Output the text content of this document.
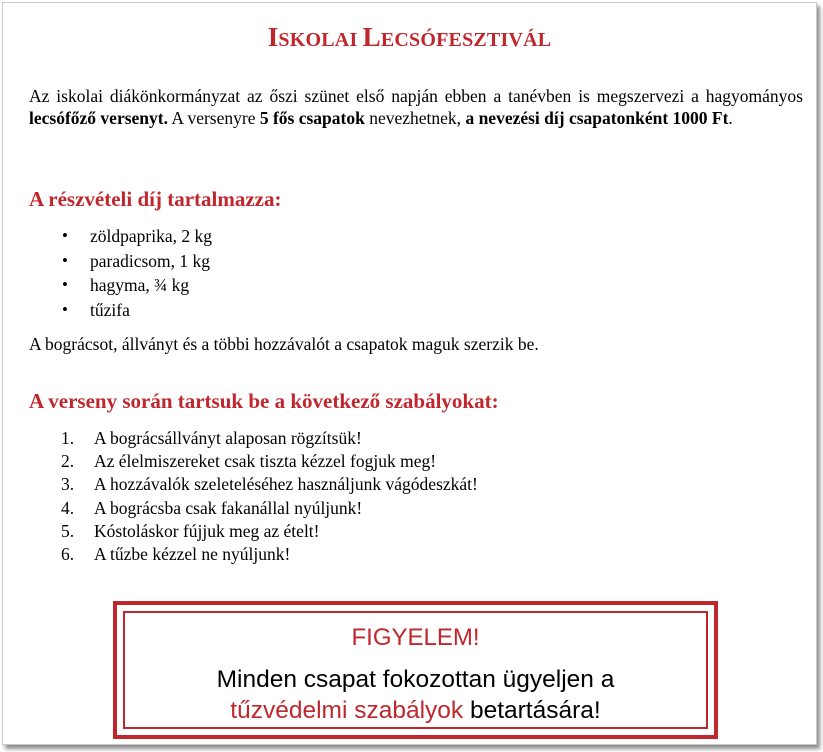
ISKOLAI LECSÓFESZTIVÁL
Az iskolai diákönkormányzat az őszi szünet első napján ebben a tanévben is megszervezi a hagyományos lecsófőző versenyt. A versenyre 5 fős csapatok nevezhetnek, a nevezési díj csapatonként 1000 Ft.
A részvételi díj tartalmazza:
• zöldpaprika, 2 kg
• paradicsom, 1 kg
• hagyma, ¾ kg
• tűzifa
A bográcsot, állványt és a többi hozzávalót a csapatok maguk szerzik be.
A verseny során tartsuk be a következő szabályokat:
1. A bográcsállványt alaposan rögzítsük!
2. Az élelmiszereket csak tiszta kézzel fogjuk meg!
3. A hozzávalók szeleteléséhez használjunk vágódeszkát!
4. A bográcsba csak fakanállal nyúljunk!
5. Kóstoláskor fújjuk meg az ételt!
6. A tűzbe kézzel ne nyúljunk!
FIGYELEM!
Minden csapat fokozottan ügyeljen a
tűzvédelmi szabályok betartására!
